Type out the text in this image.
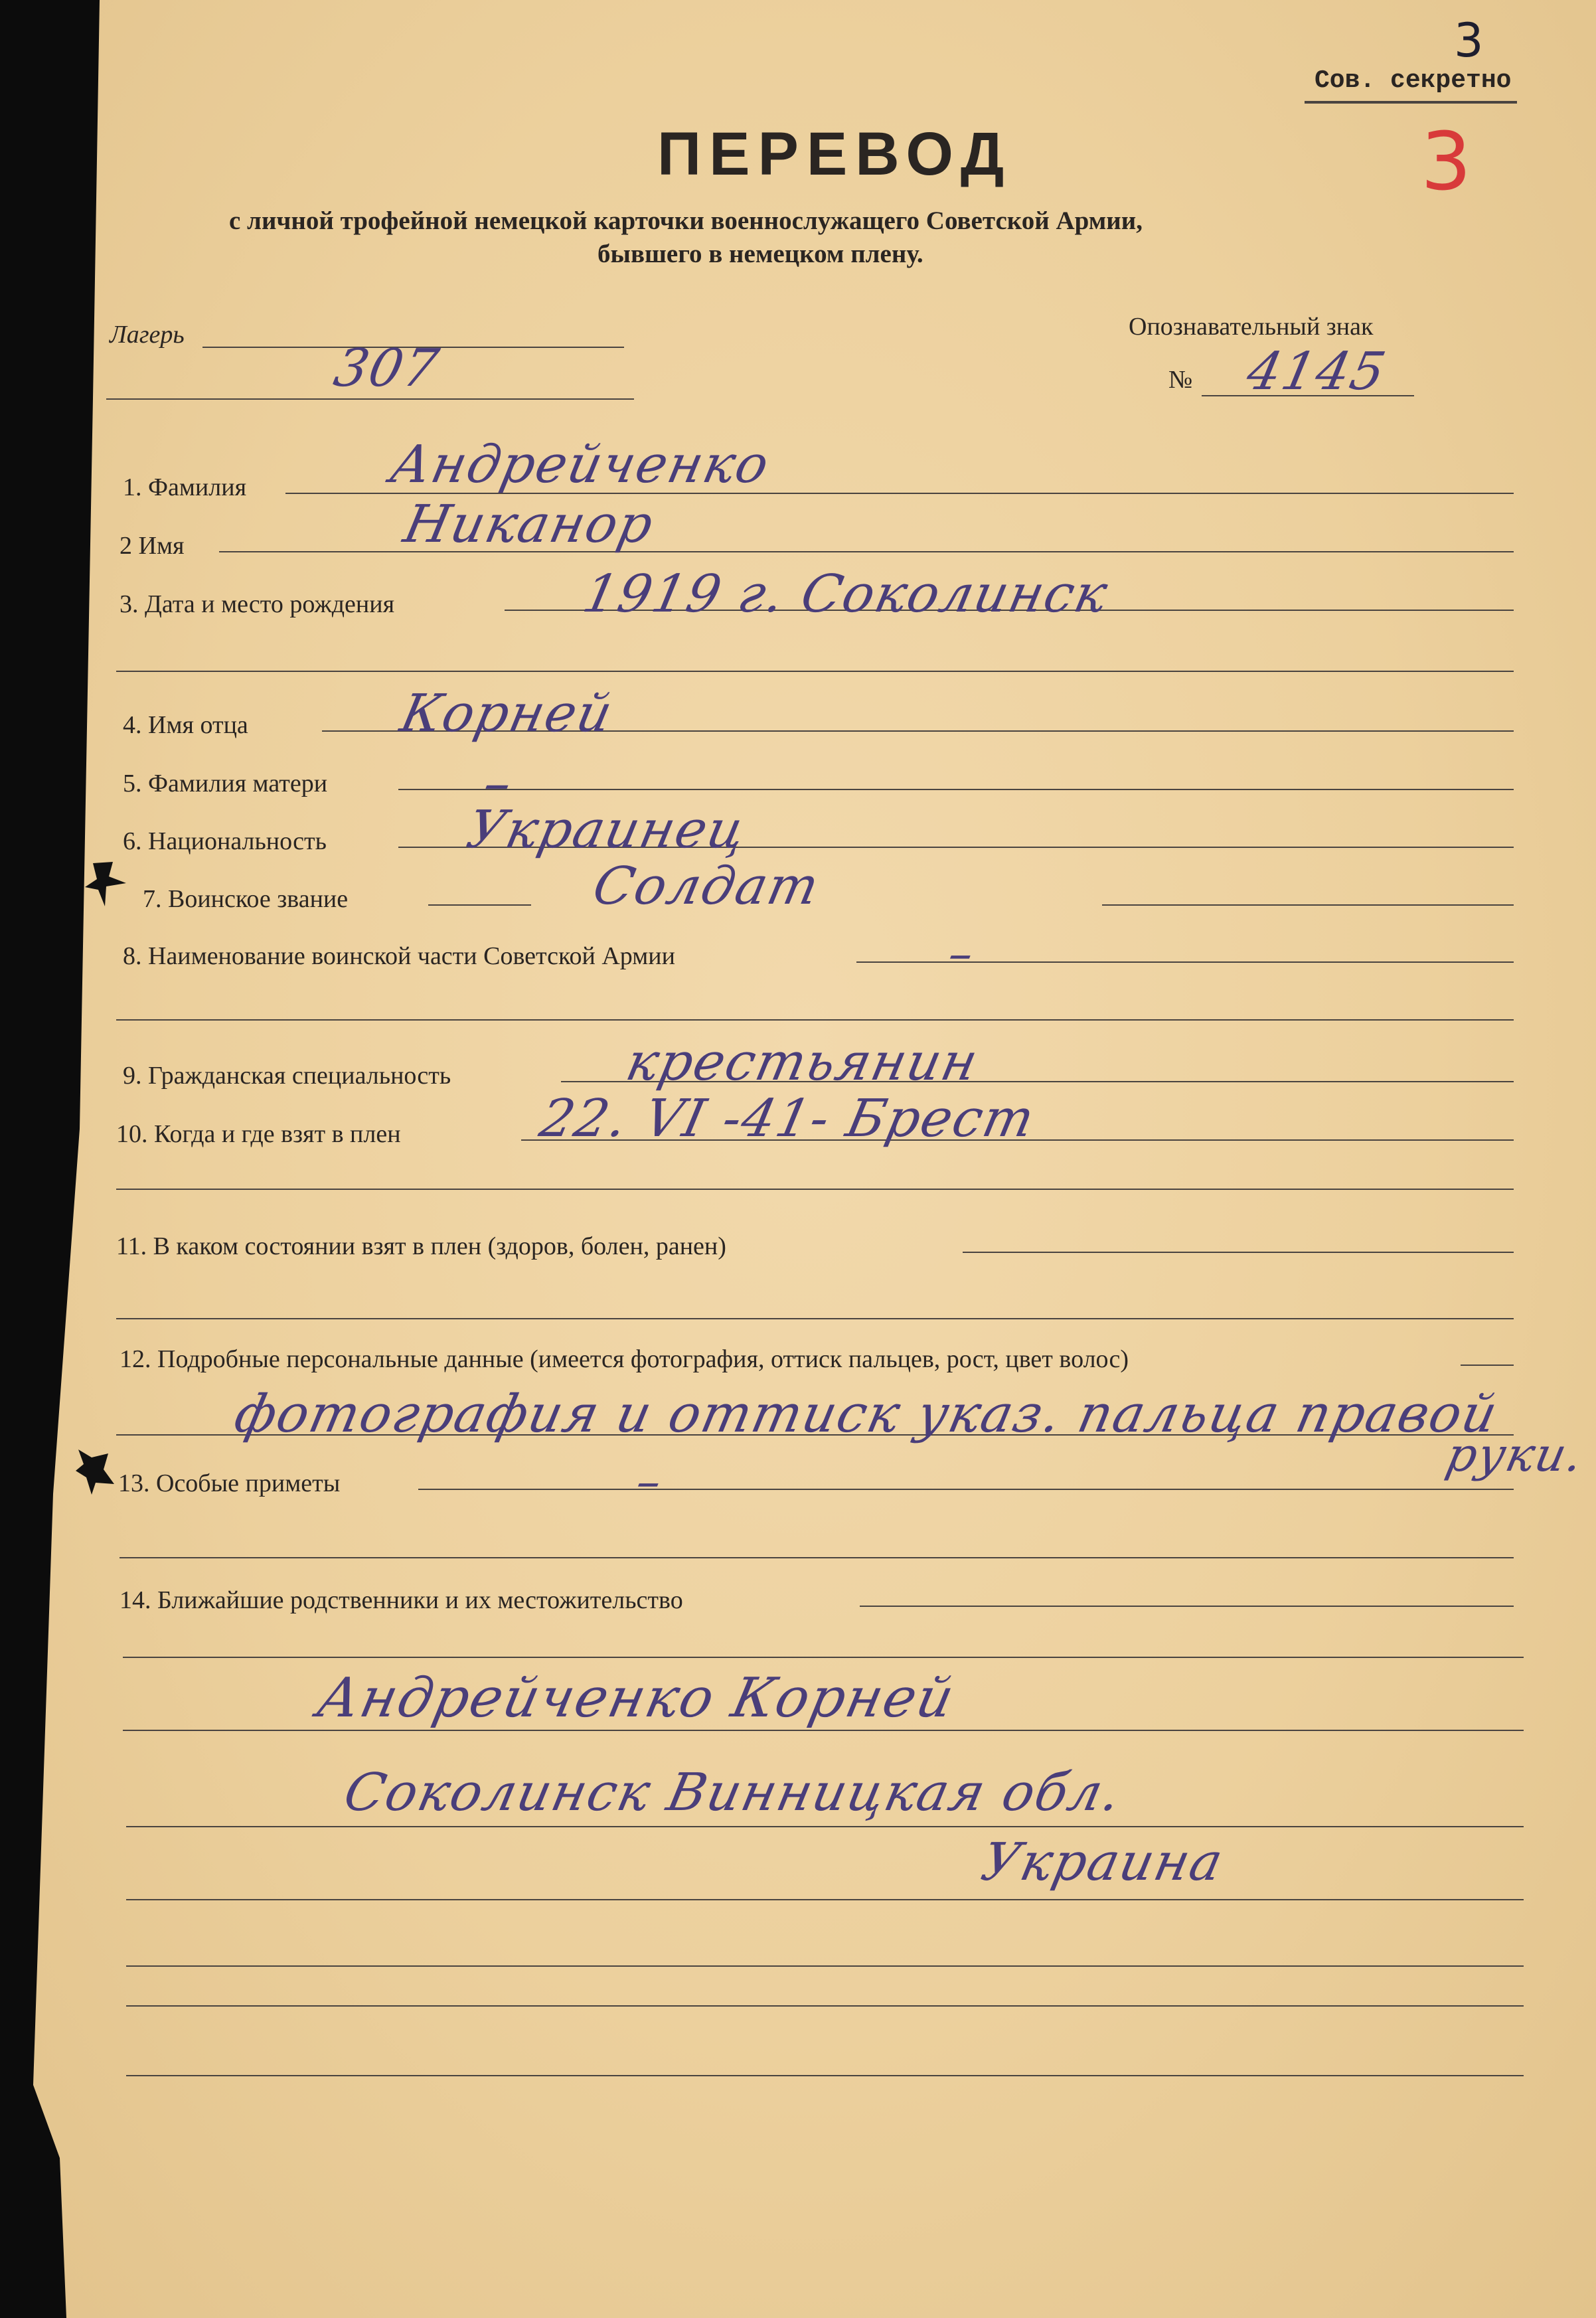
3
Сов. секретно
3
ПЕРЕВОД
с личной трофейной немецкой карточки военнослужащего Советской Армии,
бывшего в немецком плену.
Лагерь
307
Опознавательный знак
№ 4145
1. Фамилия	Андрейченко
2 Имя	Никанор
3. Дата и место рождения	1919 г. Соколинск
4. Имя отца	Корней
5. Фамилия матери	–
6. Национальность	Украинец
7. Воинское звание	Солдат
8. Наименование воинской части Советской Армии	–
9. Гражданская специальность	крестьянин
10. Когда и где взят в плен	22. VI -41- Брест
11. В каком состоянии взят в плен (здоров, болен, ранен)
12. Подробные персональные данные (имеется фотография, оттиск пальцев, рост, цвет волос)
фотография и оттиск указ. пальца правой
руки.
13. Особые приметы	–
14. Ближайшие родственники и их местожительство
Андрейченко Корней
Соколинск Винницкая обл.
Украина
